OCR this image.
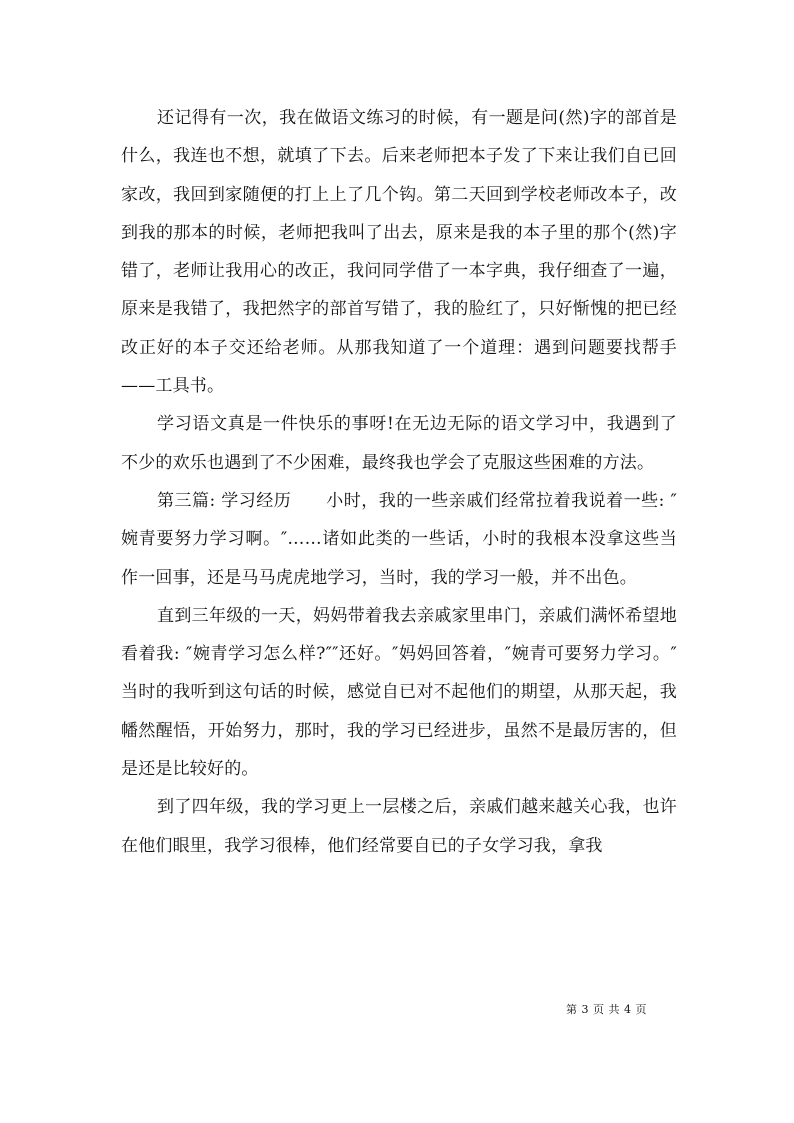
还记得有一次，我在做语文练习的时候，有一题是问(然)字的部首是什么，我连也不想，就填了下去。后来老师把本子发了下来让我们自已回家改，我回到家随便的打上上了几个钩。第二天回到学校老师改本子，改到我的那本的时候，老师把我叫了出去，原来是我的本子里的那个(然)字错了，老师让我用心的改正，我问同学借了一本字典，我仔细查了一遍，原来是我错了，我把然字的部首写错了，我的脸红了，只好惭愧的把已经改正好的本子交还给老师。从那我知道了一个道理：遇到问题要找帮手——工具书。

学习语文真是一件快乐的事呀!在无边无际的语文学习中，我遇到了不少的欢乐也遇到了不少困难，最终我也学会了克服这些困难的方法。

第三篇: 学习经历　　小时，我的一些亲戚们经常拉着我说着一些: ″婉青要努力学习啊。″……诸如此类的一些话，小时的我根本没拿这些当作一回事，还是马马虎虎地学习，当时，我的学习一般，并不出色。

直到三年级的一天，妈妈带着我去亲戚家里串门，亲戚们满怀希望地看着我: ″婉青学习怎么样?″″还好。″妈妈回答着，″婉青可要努力学习。″当时的我听到这句话的时候，感觉自已对不起他们的期望，从那天起，我幡然醒悟，开始努力，那时，我的学习已经进步，虽然不是最厉害的，但是还是比较好的。

到了四年级，我的学习更上一层楼之后，亲戚们越来越关心我，也许在他们眼里，我学习很棒，他们经常要自已的子女学习我，拿我

第 3 页 共 4 页
